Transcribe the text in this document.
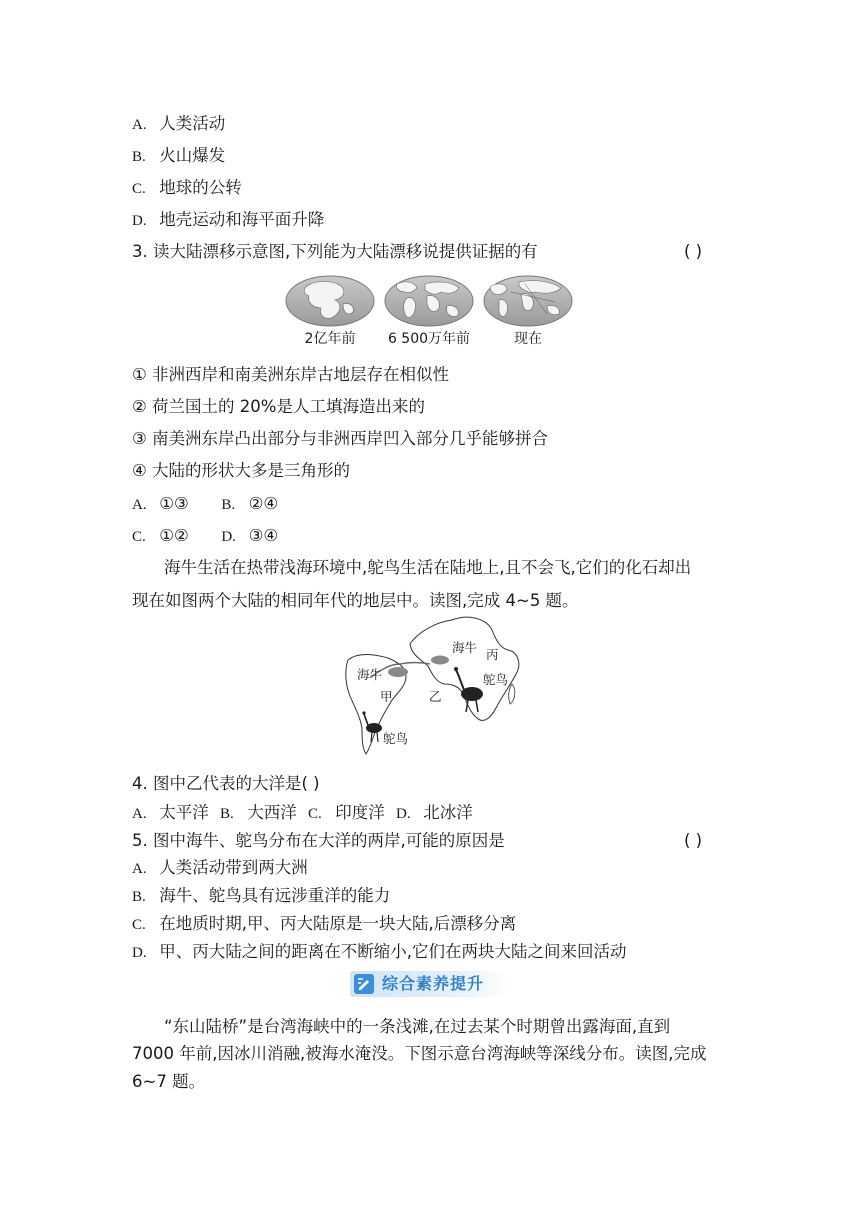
A. 人类活动
B. 火山爆发
C. 地球的公转
D. 地壳运动和海平面升降
3. 读大陆漂移示意图,下列能为大陆漂移说提供证据的有	( )
2亿年前	6 500万年前	现在
① 非洲西岸和南美洲东岸古地层存在相似性
② 荷兰国土的 20%是人工填海造出来的
③ 南美洲东岸凸出部分与非洲西岸凹入部分几乎能够拼合
④ 大陆的形状大多是三角形的
A. ①③ B. ②④
C. ①② D. ③④
海牛生活在热带浅海环境中,鸵鸟生活在陆地上,且不会飞,它们的化石却出
现在如图两个大陆的相同年代的地层中。读图,完成 4~5 题。
海牛
海牛
甲	乙
丙
鸵鸟
鸵鸟
4. 图中乙代表的大洋是( )
A. 太平洋 B. 大西洋 C. 印度洋 D. 北冰洋
5. 图中海牛、鸵鸟分布在大洋的两岸,可能的原因是	( )
A. 人类活动带到两大洲
B. 海牛、鸵鸟具有远涉重洋的能力
C. 在地质时期,甲、丙大陆原是一块大陆,后漂移分离
D. 甲、丙大陆之间的距离在不断缩小,它们在两块大陆之间来回活动
综合素养提升
“东山陆桥”是台湾海峡中的一条浅滩,在过去某个时期曾出露海面,直到
7000 年前,因冰川消融,被海水淹没。下图示意台湾海峡等深线分布。读图,完成
6~7 题。
